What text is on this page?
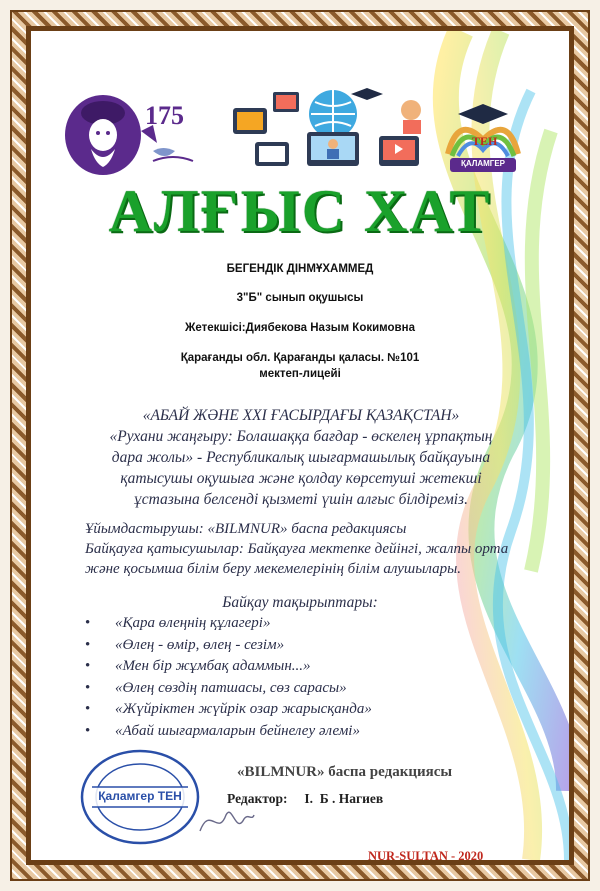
175
ТЕН
ҚАЛАМГЕР
АЛҒЫС ХАТ
БЕГЕНДІК ДІНМҰХАММЕД
3"Б" сынып оқушысы
Жетекшісі:Диябекова Назым Кокимовна
Қарағанды обл. Қарағанды қаласы. №101
мектеп-лицейі
«АБАЙ ЖӘНЕ XXI ҒАСЫРДАҒЫ ҚАЗАҚСТАН»
«Рухани жаңғыру: Болашаққа бағдар - өскелең ұрпақтың
дара жолы» - Республикалық шығармашылық байқауына
қатысушы оқушыға және қолдау көрсетуші жетекші
ұстазына белсенді қызметі үшін алғыс білдіреміз.
Ұйымдастырушы: «BILMNUR» баспа редакциясы
Байқауға қатысушылар: Байқауға мектепке дейінгі, жалпы орта
және қосымша білім беру мекемелерінің білім алушылары.
Байқау тақырыптары:
• «Қара өлеңнің құлагері»
• «Өлең - өмір, өлең - сезім»
• «Мен бір жұмбақ адаммын...»
• «Өлең сөздің патшасы, сөз сарасы»
• «Жүйріктен жүйрік озар жарысқанда»
• «Абай шығармаларын бейнелеу әлемі»
Қаламгер ТЕН
«BILMNUR» баспа редакциясы
Редактор:     І.  Б . Нагиев
NUR-SULTAN - 2020
